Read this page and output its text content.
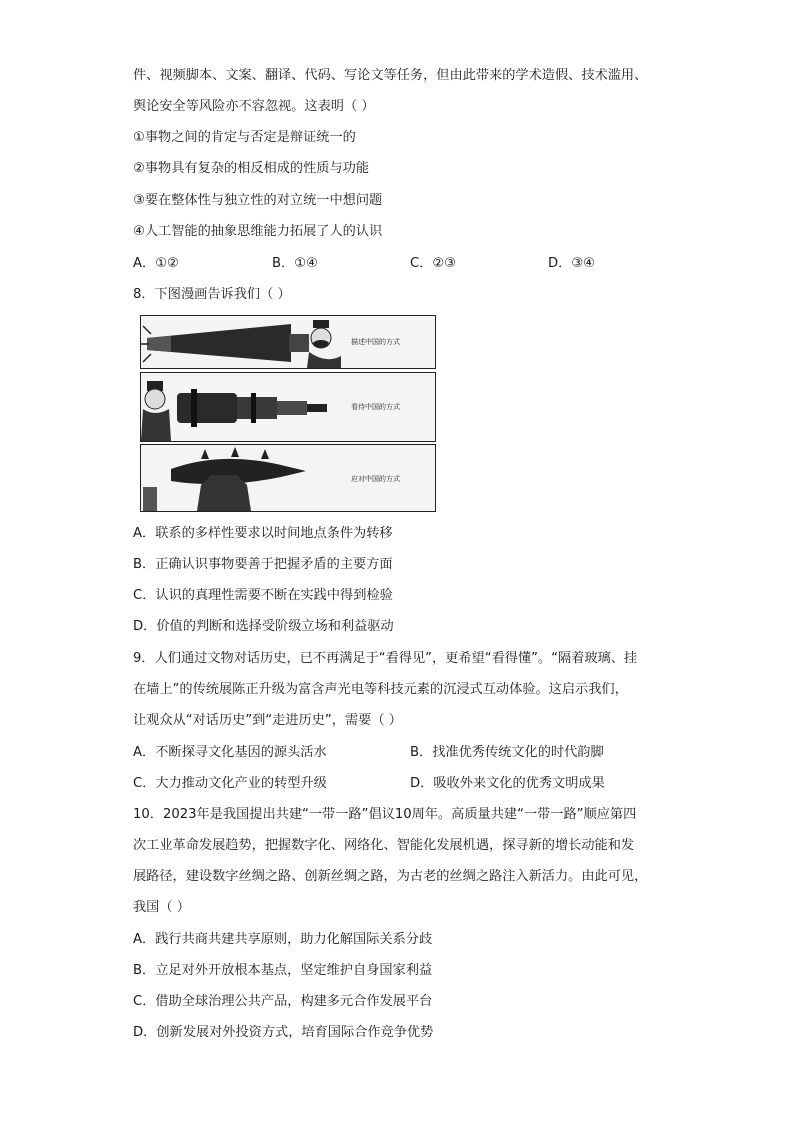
件、视频脚本、文案、翻译、代码、写论文等任务，但由此带来的学术造假、技术滥用、
舆论安全等风险亦不容忽视。这表明（ ）
①事物之间的肯定与否定是辩证统一的
②事物具有复杂的相反相成的性质与功能
③要在整体性与独立性的对立统一中想问题
④人工智能的抽象思维能力拓展了人的认识
A．①②	B．①④	C．②③	D．③④
8．下图漫画告诉我们（ ）
描述中国的方式
看待中国的方式
应对中国的方式
A．联系的多样性要求以时间地点条件为转移
B．正确认识事物要善于把握矛盾的主要方面
C．认识的真理性需要不断在实践中得到检验
D．价值的判断和选择受阶级立场和利益驱动
9．人们通过文物对话历史，已不再满足于“看得见”，更希望“看得懂”。“隔着玻璃、挂
在墙上”的传统展陈正升级为富含声光电等科技元素的沉浸式互动体验。这启示我们，
让观众从“对话历史”到“走进历史”，需要（ ）
A．不断探寻文化基因的源头活水	B．找准优秀传统文化的时代韵脚
C．大力推动文化产业的转型升级	D．吸收外来文化的优秀文明成果
10．2023年是我国提出共建“一带一路”倡议10周年。高质量共建“一带一路”顺应第四
次工业革命发展趋势，把握数字化、网络化、智能化发展机遇，探寻新的增长动能和发
展路径，建设数字丝绸之路、创新丝绸之路，为古老的丝绸之路注入新活力。由此可见，
我国（ ）
A．践行共商共建共享原则，助力化解国际关系分歧
B．立足对外开放根本基点，坚定维护自身国家利益
C．借助全球治理公共产品，构建多元合作发展平台
D．创新发展对外投资方式，培育国际合作竞争优势
